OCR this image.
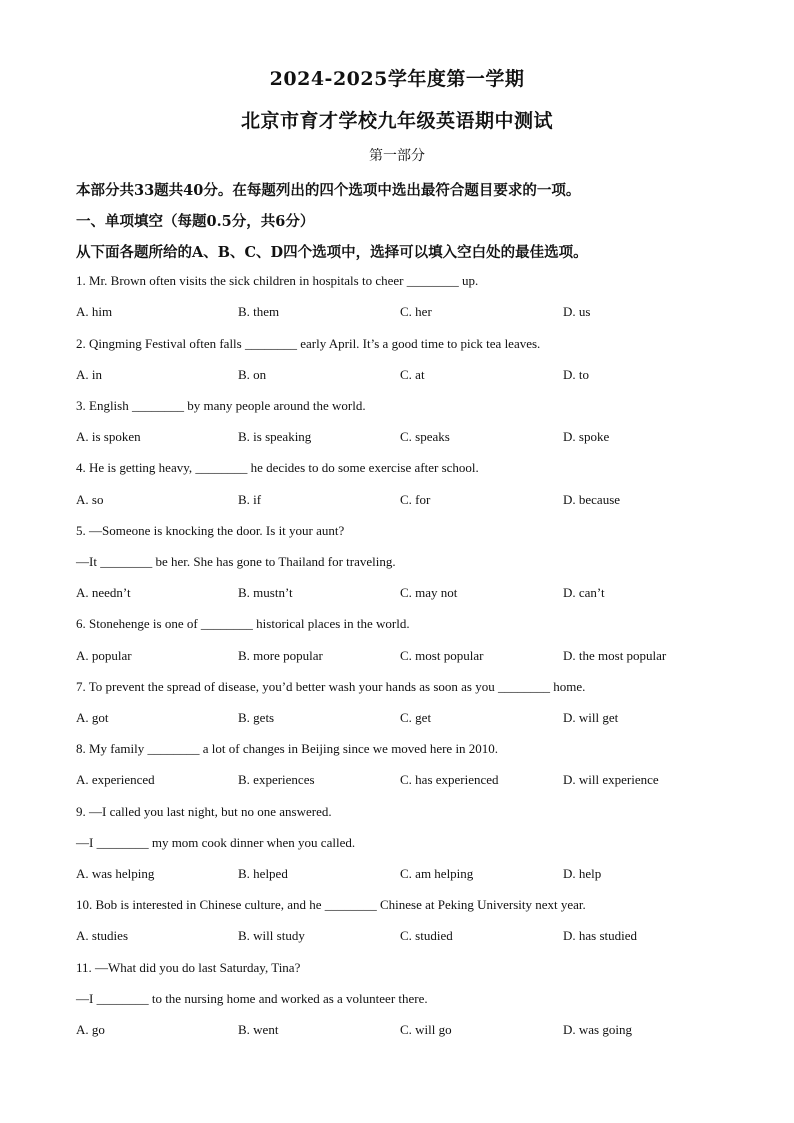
2024-2025学年度第一学期
北京市育才学校九年级英语期中测试
第一部分
本部分共33题共40分。在每题列出的四个选项中选出最符合题目要求的一项。
一、单项填空（每题0.5分，共6分）
从下面各题所给的A、B、C、D四个选项中，选择可以填入空白处的最佳选项。
1. Mr. Brown often visits the sick children in hospitals to cheer ________ up.
A. him	B. them	C. her	D. us
2. Qingming Festival often falls ________ early April. It’s a good time to pick tea leaves.
A. in	B. on	C. at	D. to
3. English ________ by many people around the world.
A. is spoken	B. is speaking	C. speaks	D. spoke
4. He is getting heavy, ________ he decides to do some exercise after school.
A. so	B. if	C. for	D. because
5. —Someone is knocking the door. Is it your aunt?
—It ________ be her. She has gone to Thailand for traveling.
A. needn’t	B. mustn’t	C. may not	D. can’t
6. Stonehenge is one of ________ historical places in the world.
A. popular	B. more popular	C. most popular	D. the most popular
7. To prevent the spread of disease, you’d better wash your hands as soon as you ________ home.
A. got	B. gets	C. get	D. will get
8. My family ________ a lot of changes in Beijing since we moved here in 2010.
A. experienced	B. experiences	C. has experienced	D. will experience
9. —I called you last night, but no one answered.
—I ________ my mom cook dinner when you called.
A. was helping	B. helped	C. am helping	D. help
10. Bob is interested in Chinese culture, and he ________ Chinese at Peking University next year.
A. studies	B. will study	C. studied	D. has studied
11. —What did you do last Saturday, Tina?
—I ________ to the nursing home and worked as a volunteer there.
A. go	B. went	C. will go	D. was going
